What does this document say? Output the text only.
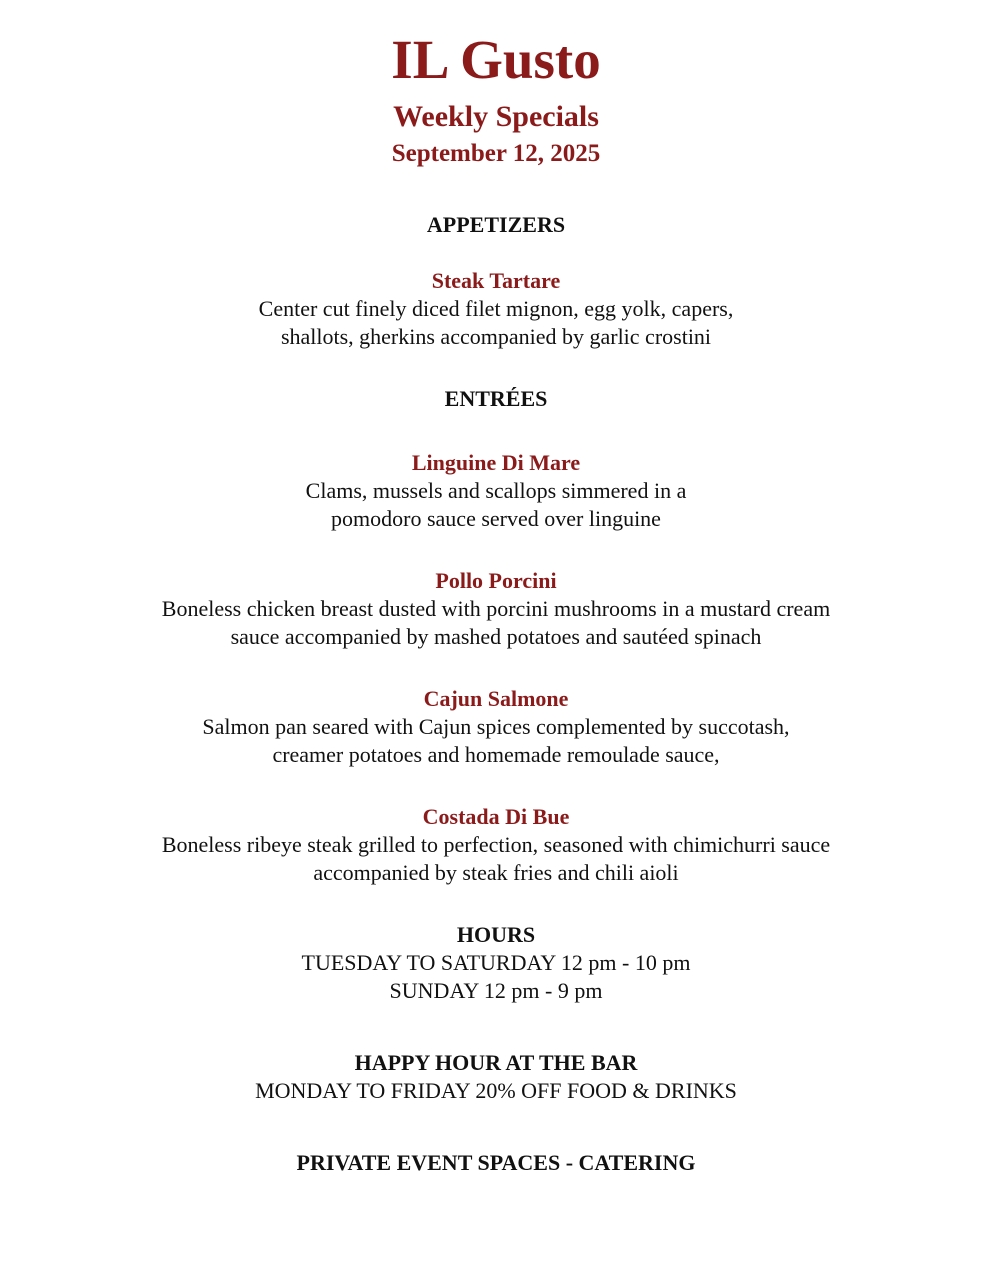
IL Gusto
Weekly Specials
September 12, 2025
APPETIZERS
Steak Tartare
Center cut finely diced filet mignon, egg yolk, capers,
shallots, gherkins accompanied by garlic crostini
ENTRÉES
Linguine Di Mare
Clams, mussels and scallops simmered in a
pomodoro sauce served over linguine
Pollo Porcini
Boneless chicken breast dusted with porcini mushrooms in a mustard cream
sauce accompanied by mashed potatoes and sautéed spinach
Cajun Salmone
Salmon pan seared with Cajun spices complemented by succotash,
creamer potatoes and homemade remoulade sauce,
Costada Di Bue
Boneless ribeye steak grilled to perfection, seasoned with chimichurri sauce
accompanied by steak fries and chili aioli
HOURS
TUESDAY TO SATURDAY 12 pm - 10 pm
SUNDAY 12 pm - 9 pm
HAPPY HOUR AT THE BAR
MONDAY TO FRIDAY 20% OFF FOOD & DRINKS
PRIVATE EVENT SPACES - CATERING
